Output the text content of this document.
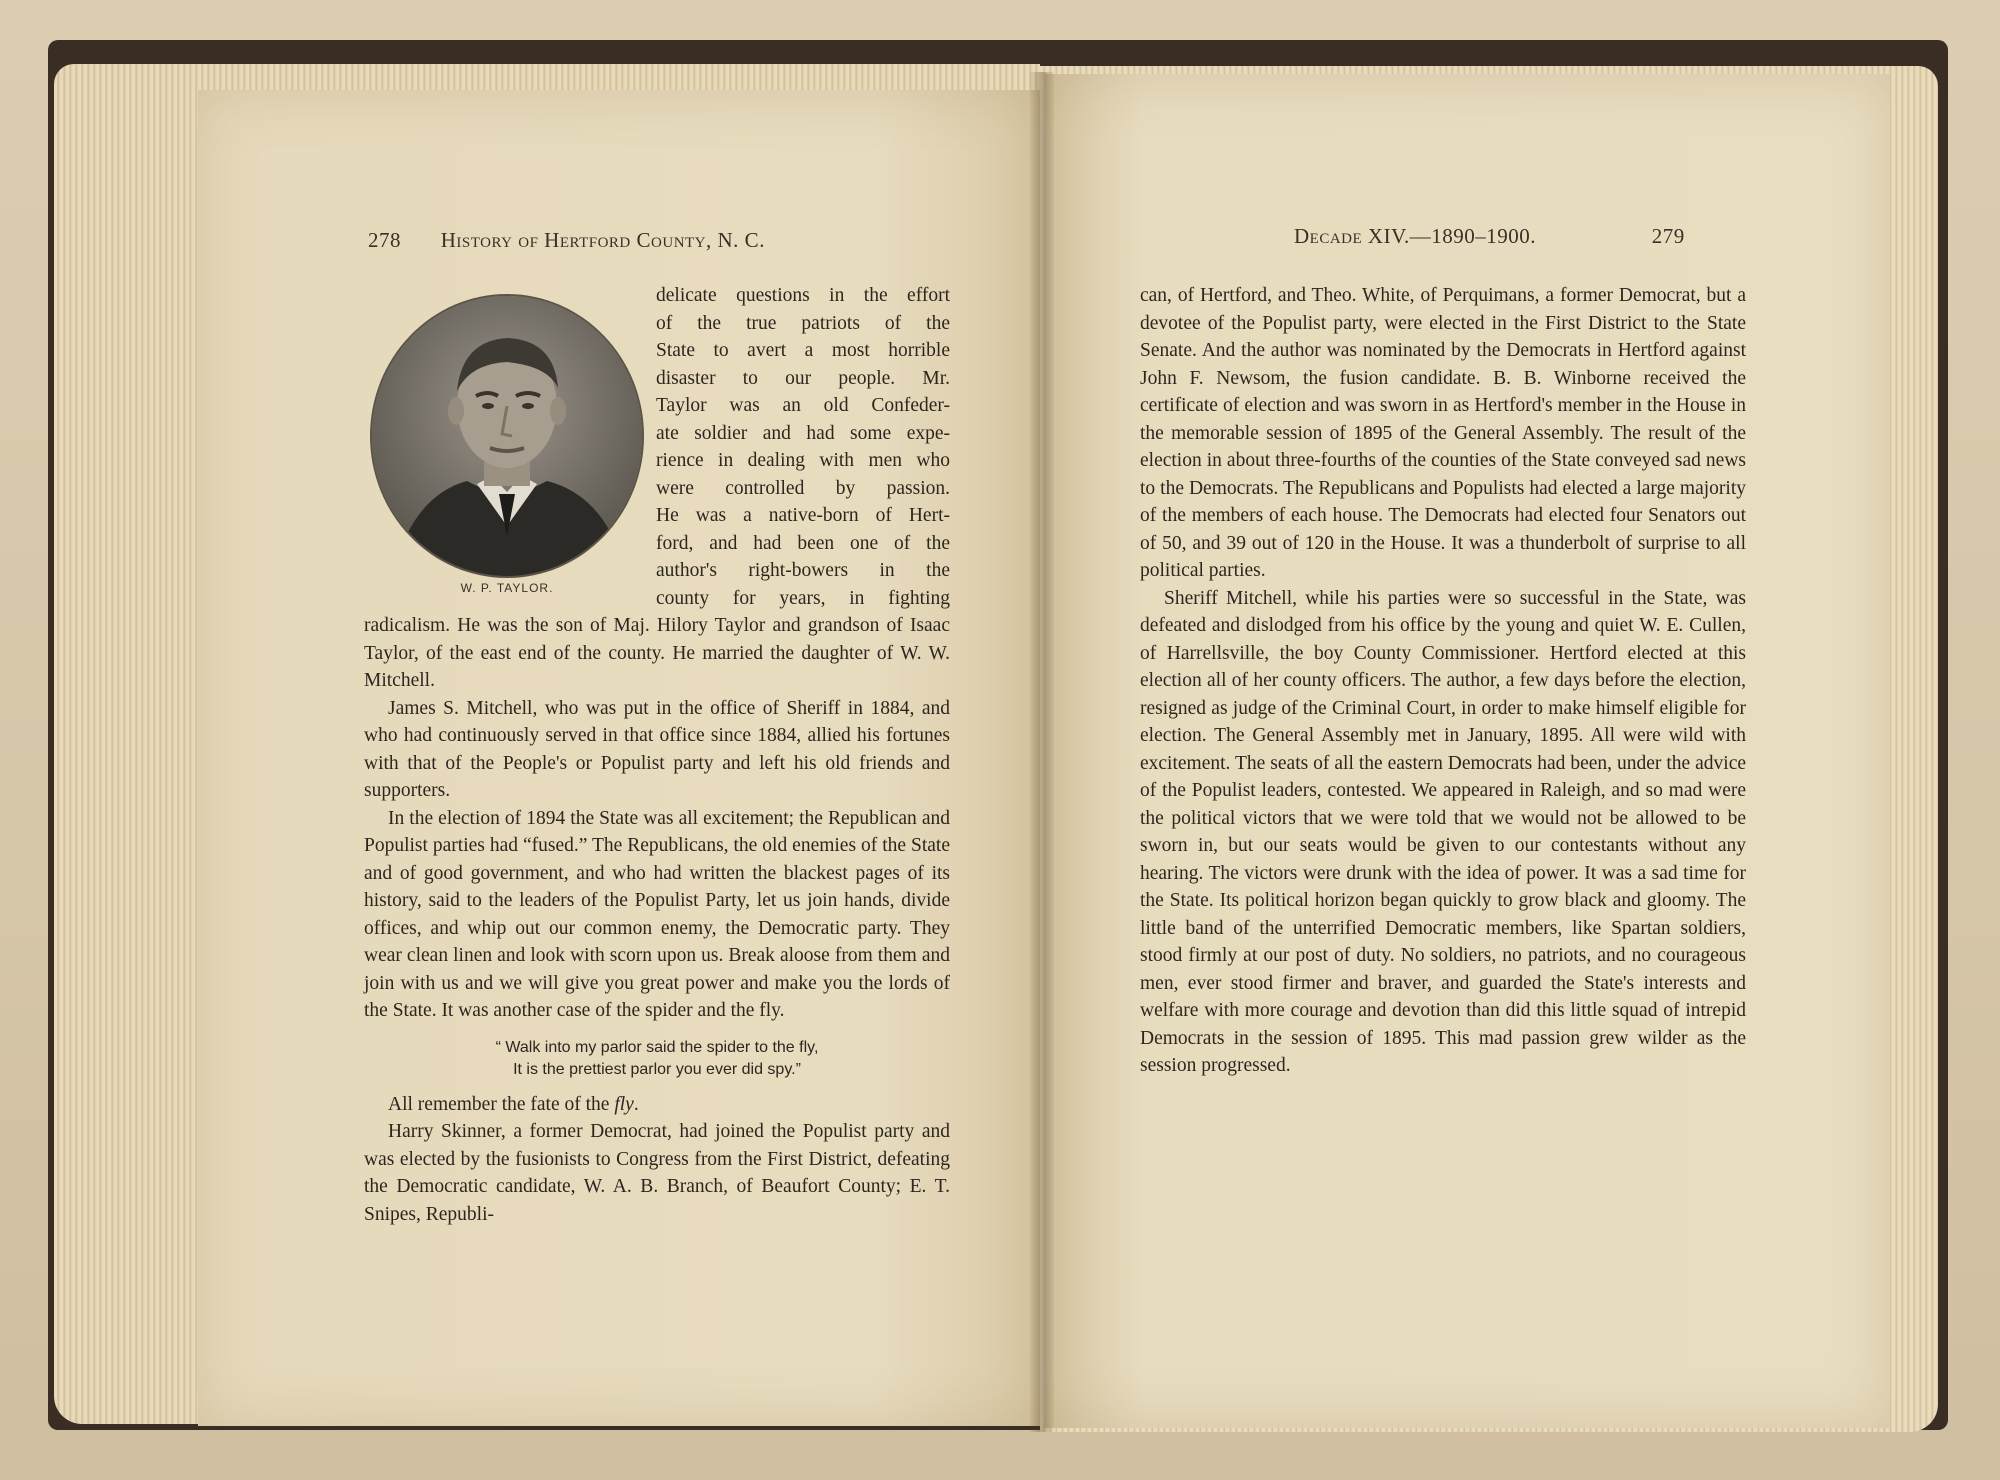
278 History of Hertford County, N. C.
W. P. TAYLOR.
delicate questions in the effort
of the true patriots of the
State to avert a most horrible
disaster to our people. Mr.
Taylor was an old Confeder-
ate soldier and had some expe-
rience in dealing with men who
were controlled by passion.
He was a native-born of Hert-
ford, and had been one of the
author's right-bowers in the
county for years, in fighting

radicalism. He was the son of Maj. Hilory Taylor and grandson of Isaac Taylor, of the east end of the county. He married the daughter of W. W. Mitchell.

James S. Mitchell, who was put in the office of Sheriff in 1884, and who had continuously served in that office since 1884, allied his fortunes with that of the People's or Populist party and left his old friends and supporters.

In the election of 1894 the State was all excitement; the Republican and Populist parties had “fused.” The Republicans, the old enemies of the State and of good government, and who had written the blackest pages of its history, said to the leaders of the Populist Party, let us join hands, divide offices, and whip out our common enemy, the Democratic party. They wear clean linen and look with scorn upon us. Break aloose from them and join with us and we will give you great power and make you the lords of the State. It was another case of the spider and the fly.

“ Walk into my parlor said the spider to the fly,
It is the prettiest parlor you ever did spy.”

All remember the fate of the fly.

Harry Skinner, a former Democrat, had joined the Populist party and was elected by the fusionists to Congress from the First District, defeating the Democratic candidate, W. A. B. Branch, of Beaufort County; E. T. Snipes, Republi-

Decade XIV.—1890–1900.	279

can, of Hertford, and Theo. White, of Perquimans, a former Democrat, but a devotee of the Populist party, were elected in the First District to the State Senate. And the author was nominated by the Democrats in Hertford against John F. Newsom, the fusion candidate. B. B. Winborne received the certificate of election and was sworn in as Hertford's member in the House in the memorable session of 1895 of the General Assembly. The result of the election in about three-fourths of the counties of the State conveyed sad news to the Democrats. The Republicans and Populists had elected a large majority of the members of each house. The Democrats had elected four Senators out of 50, and 39 out of 120 in the House. It was a thunderbolt of surprise to all political parties.

Sheriff Mitchell, while his parties were so successful in the State, was defeated and dislodged from his office by the young and quiet W. E. Cullen, of Harrellsville, the boy County Commissioner. Hertford elected at this election all of her county officers. The author, a few days before the election, resigned as judge of the Criminal Court, in order to make himself eligible for election. The General Assembly met in January, 1895. All were wild with excitement. The seats of all the eastern Democrats had been, under the advice of the Populist leaders, contested. We appeared in Raleigh, and so mad were the political victors that we were told that we would not be allowed to be sworn in, but our seats would be given to our contestants without any hearing. The victors were drunk with the idea of power. It was a sad time for the State. Its political horizon began quickly to grow black and gloomy. The little band of the unterrified Democratic members, like Spartan soldiers, stood firmly at our post of duty. No soldiers, no patriots, and no courageous men, ever stood firmer and braver, and guarded the State's interests and welfare with more courage and devotion than did this little squad of intrepid Democrats in the session of 1895. This mad passion grew wilder as the session progressed.
